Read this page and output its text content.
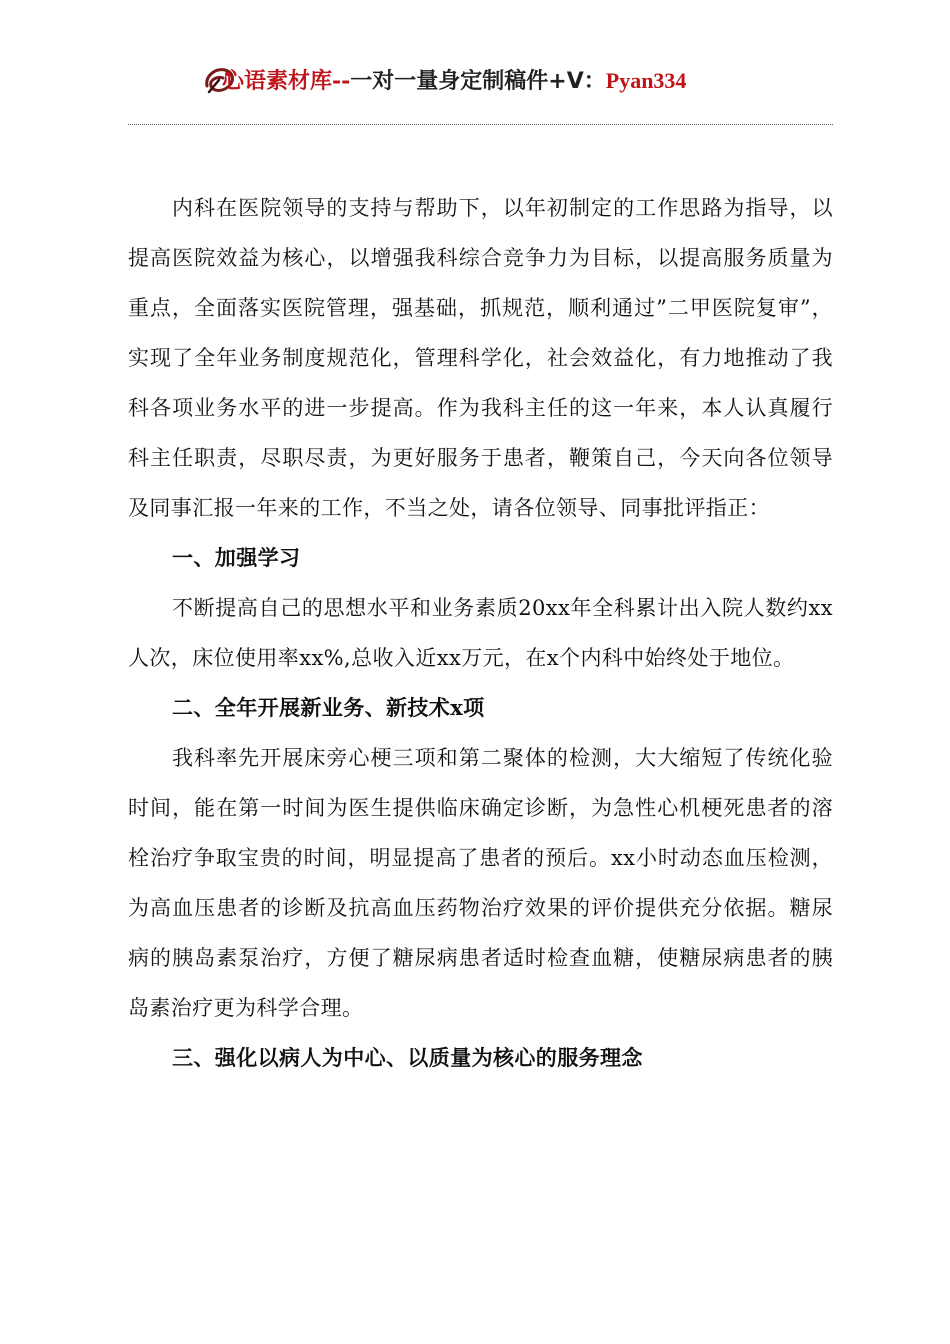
心语素材库--一对一量身定制稿件+V：Pyan334

内科在医院领导的支持与帮助下，以年初制定的工作思路为指导，以提高医院效益为核心，以增强我科综合竞争力为目标，以提高服务质量为重点，全面落实医院管理，强基础，抓规范，顺利通过”二甲医院复审”，实现了全年业务制度规范化，管理科学化，社会效益化，有力地推动了我科各项业务水平的进一步提高。作为我科主任的这一年来，本人认真履行科主任职责，尽职尽责，为更好服务于患者，鞭策自己，今天向各位领导及同事汇报一年来的工作，不当之处，请各位领导、同事批评指正：

一、加强学习

不断提高自己的思想水平和业务素质20xx年全科累计出入院人数约xx人次，床位使用率xx%,总收入近xx万元，在x个内科中始终处于地位。

二、全年开展新业务、新技术x项

我科率先开展床旁心梗三项和第二聚体的检测，大大缩短了传统化验时间，能在第一时间为医生提供临床确定诊断，为急性心机梗死患者的溶栓治疗争取宝贵的时间，明显提高了患者的预后。xx小时动态血压检测，为高血压患者的诊断及抗高血压药物治疗效果的评价提供充分依据。糖尿病的胰岛素泵治疗，方便了糖尿病患者适时检查血糖，使糖尿病患者的胰岛素治疗更为科学合理。

三、强化以病人为中心、以质量为核心的服务理念
